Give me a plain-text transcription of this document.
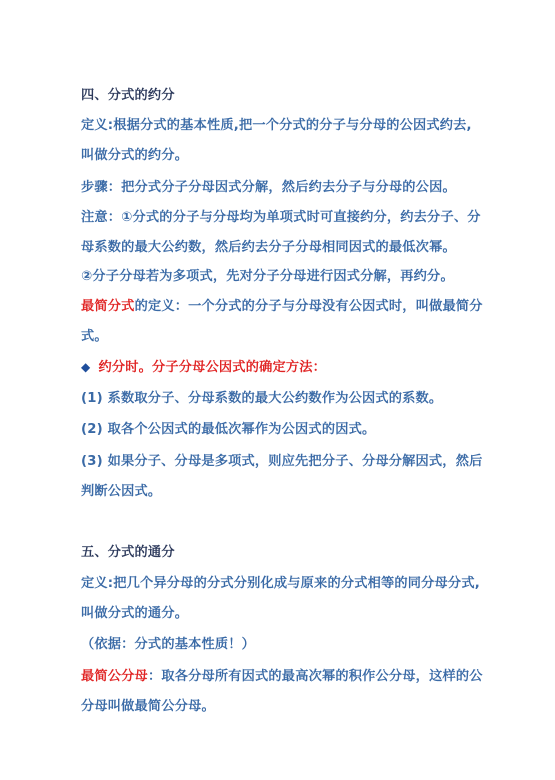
四、分式的约分
定义:根据分式的基本性质,把一个分式的分子与分母的公因式约去,
叫做分式的约分。
步骤：把分式分子分母因式分解，然后约去分子与分母的公因。
注意：①分式的分子与分母均为单项式时可直接约分，约去分子、分
母系数的最大公约数，然后约去分子分母相同因式的最低次幂。
②分子分母若为多项式，先对分子分母进行因式分解，再约分。
最简分式的定义：一个分式的分子与分母没有公因式时，叫做最简分
式。
◆ 约分时。分子分母公因式的确定方法：
(1) 系数取分子、分母系数的最大公约数作为公因式的系数。
(2) 取各个公因式的最低次幂作为公因式的因式。
(3) 如果分子、分母是多项式，则应先把分子、分母分解因式，然后
判断公因式。
五、分式的通分
定义:把几个异分母的分式分别化成与原来的分式相等的同分母分式,
叫做分式的通分。
（依据：分式的基本性质！）
最简公分母：取各分母所有因式的最高次幂的积作公分母，这样的公
分母叫做最简公分母。
